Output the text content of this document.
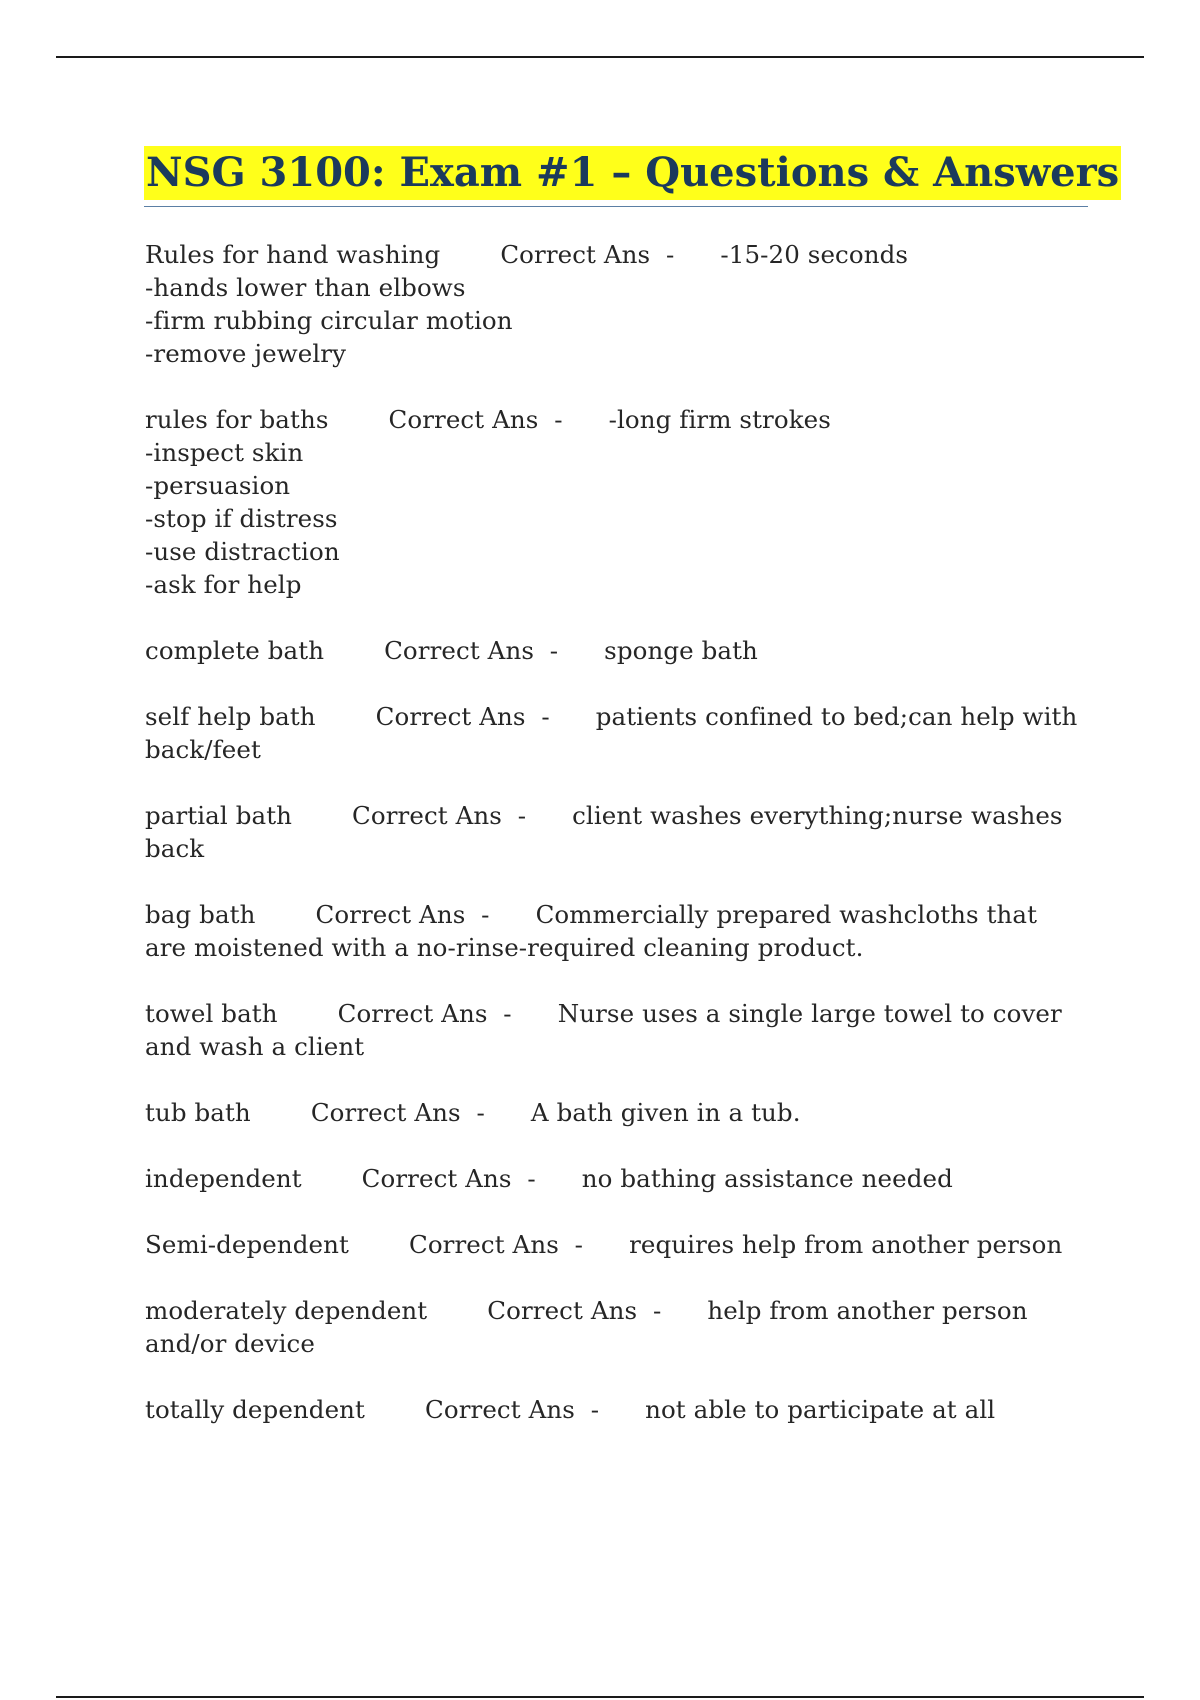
NSG 3100: Exam #1 – Questions & Answers
Rules for hand washing Correct Ans  - -15-20 seconds
-hands lower than elbows
-firm rubbing circular motion
-remove jewelry
rules for baths Correct Ans  - -long firm strokes
-inspect skin
-persuasion
-stop if distress
-use distraction
-ask for help
complete bath Correct Ans  - sponge bath
self help bath Correct Ans  - patients confined to bed;can help with back/feet
partial bath Correct Ans  - client washes everything;nurse washes back
bag bath Correct Ans  - Commercially prepared washcloths that are moistened with a no-rinse-required cleaning product.
towel bath Correct Ans  - Nurse uses a single large towel to cover and wash a client
tub bath Correct Ans  - A bath given in a tub.
independent Correct Ans  - no bathing assistance needed
Semi-dependent Correct Ans  - requires help from another person
moderately dependent Correct Ans  - help from another person and/or device
totally dependent Correct Ans  - not able to participate at all
